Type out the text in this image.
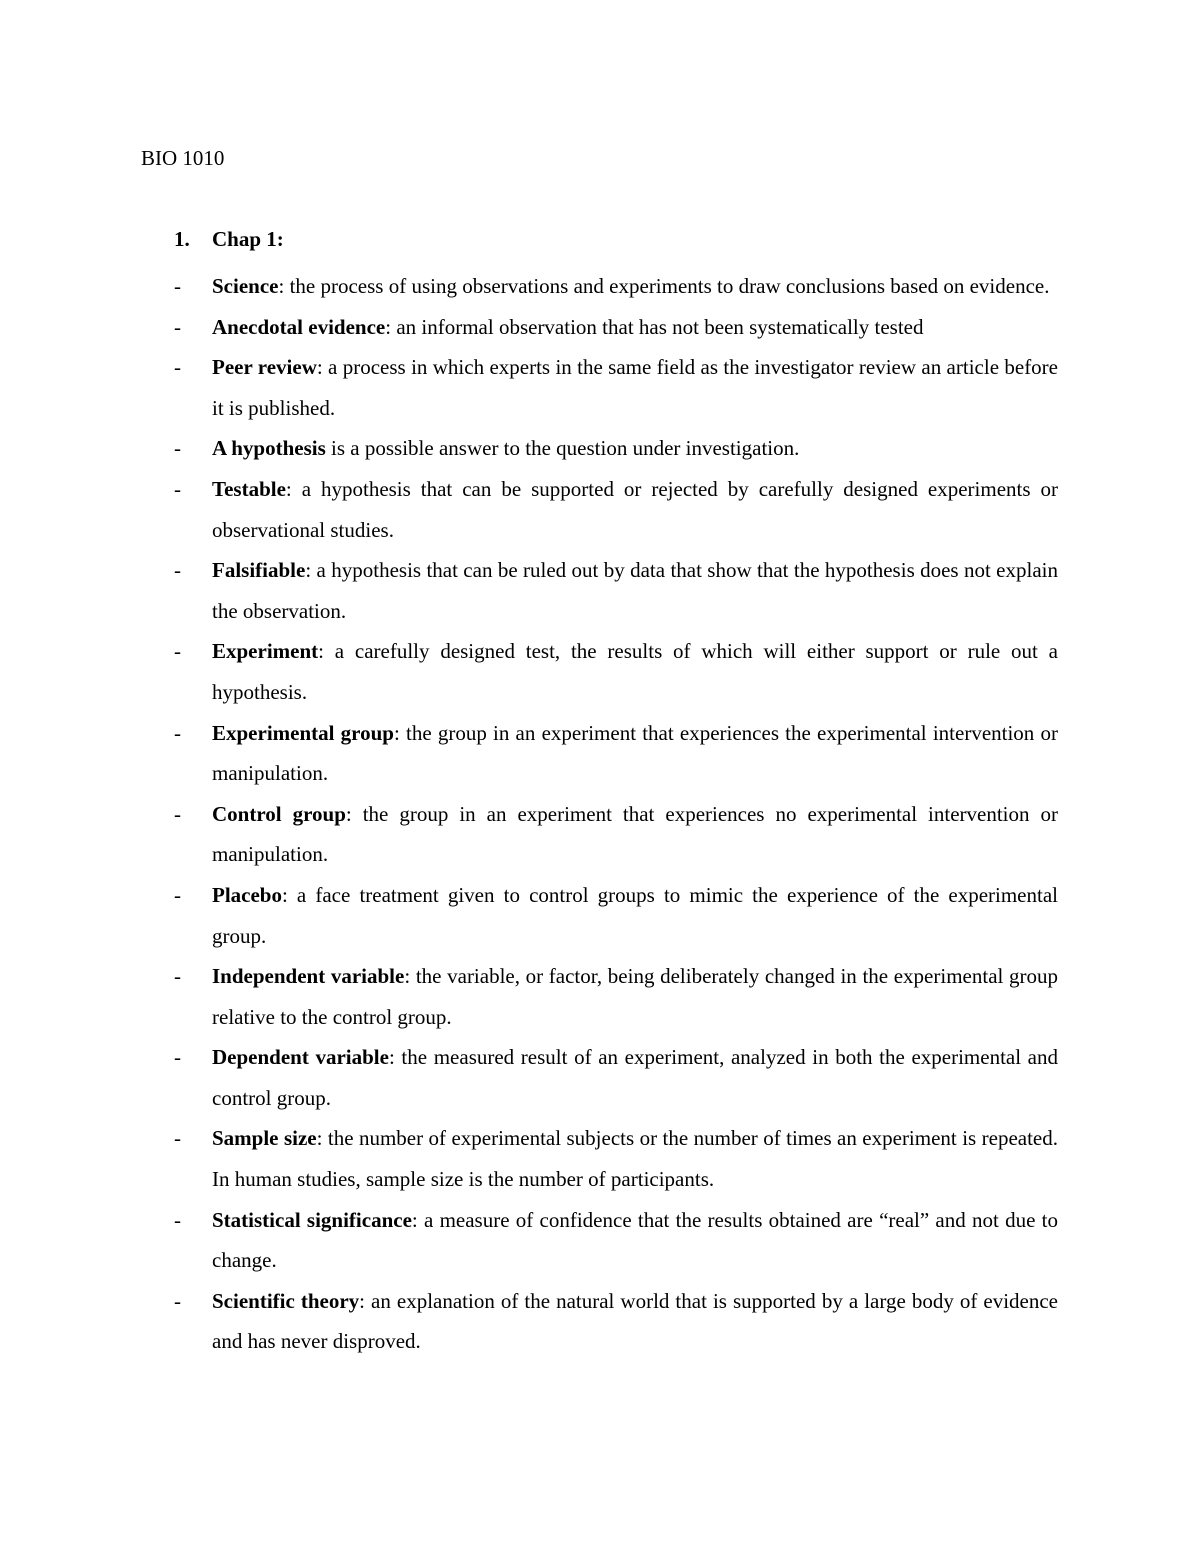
BIO 1010

1.	Chap 1:
-	Science: the process of using observations and experiments to draw conclusions based on evidence.
-	Anecdotal evidence: an informal observation that has not been systematically tested
-	Peer review: a process in which experts in the same field as the investigator review an article before it is published.
-	A hypothesis is a possible answer to the question under investigation.
-	Testable: a hypothesis that can be supported or rejected by carefully designed experiments or observational studies.
-	Falsifiable: a hypothesis that can be ruled out by data that show that the hypothesis does not explain the observation.
-	Experiment: a carefully designed test, the results of which will either support or rule out a hypothesis.
-	Experimental group: the group in an experiment that experiences the experimental intervention or manipulation.
-	Control group: the group in an experiment that experiences no experimental intervention or manipulation.
-	Placebo: a face treatment given to control groups to mimic the experience of the experimental group.
-	Independent variable: the variable, or factor, being deliberately changed in the experimental group relative to the control group.
-	Dependent variable: the measured result of an experiment, analyzed in both the experimental and control group.
-	Sample size: the number of experimental subjects or the number of times an experiment is repeated. In human studies, sample size is the number of participants.
-	Statistical significance: a measure of confidence that the results obtained are “real” and not due to change.
-	Scientific theory: an explanation of the natural world that is supported by a large body of evidence and has never disproved.
